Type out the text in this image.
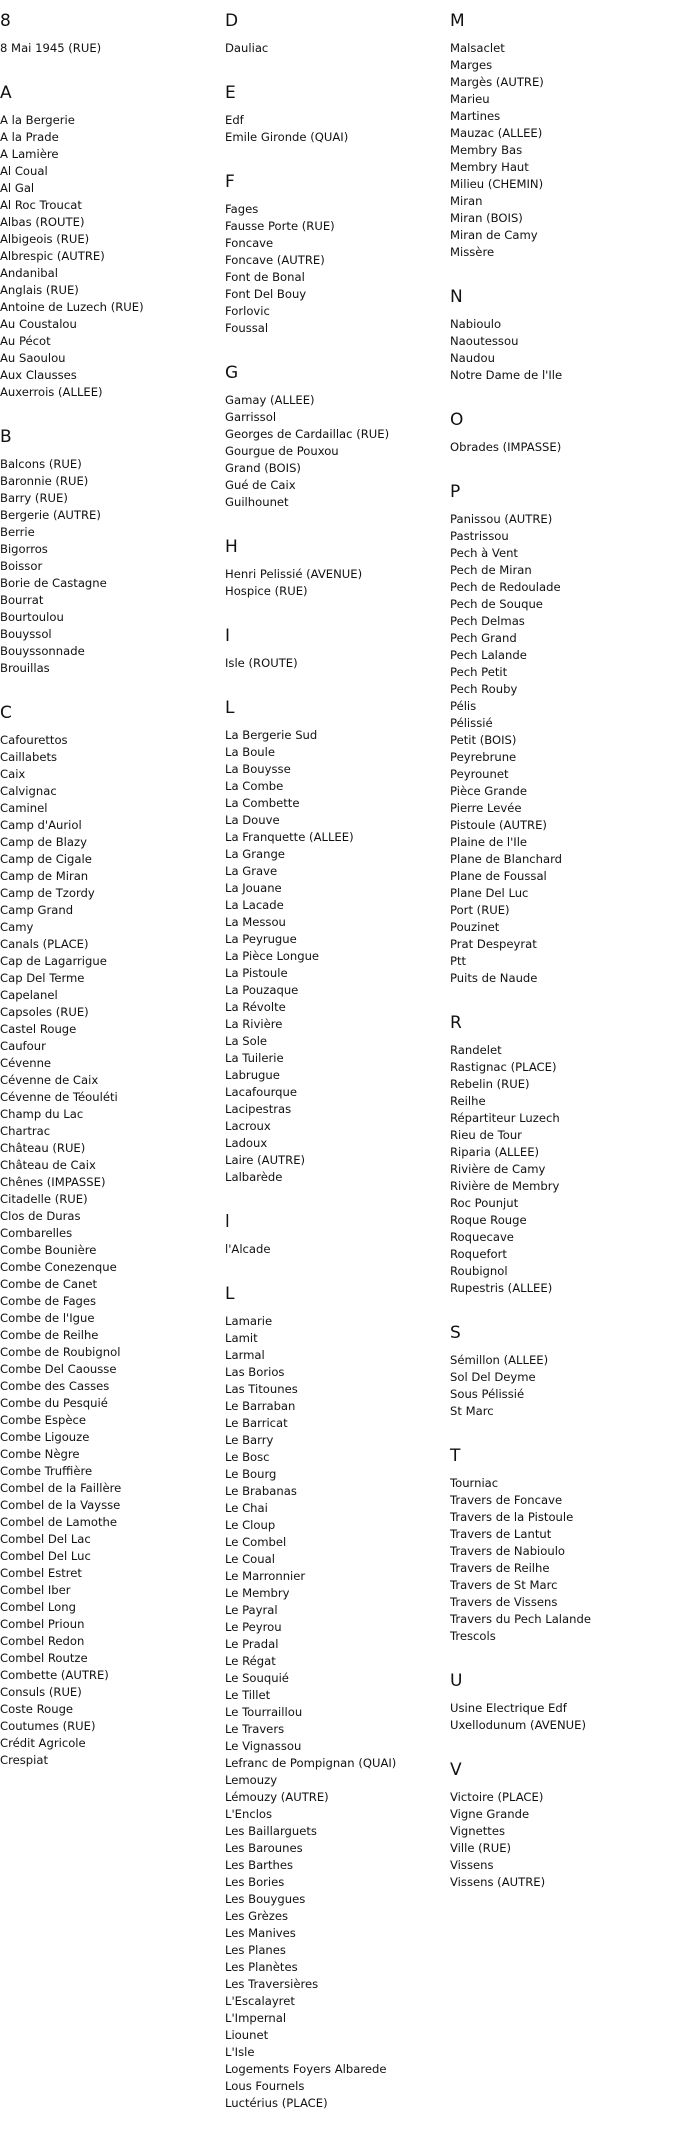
8
8 Mai 1945 (RUE)
A
A la Bergerie
A la Prade
A Lamière
Al Coual
Al Gal
Al Roc Troucat
Albas (ROUTE)
Albigeois (RUE)
Albrespic (AUTRE)
Andanibal
Anglais (RUE)
Antoine de Luzech (RUE)
Au Coustalou
Au Pécot
Au Saoulou
Aux Clausses
Auxerrois (ALLEE)
B
Balcons (RUE)
Baronnie (RUE)
Barry (RUE)
Bergerie (AUTRE)
Berrie
Bigorros
Boissor
Borie de Castagne
Bourrat
Bourtoulou
Bouyssol
Bouyssonnade
Brouillas
C
Cafourettos
Caillabets
Caix
Calvignac
Caminel
Camp d'Auriol
Camp de Blazy
Camp de Cigale
Camp de Miran
Camp de Tzordy
Camp Grand
Camy
Canals (PLACE)
Cap de Lagarrigue
Cap Del Terme
Capelanel
Capsoles (RUE)
Castel Rouge
Caufour
Cévenne
Cévenne de Caix
Cévenne de Téouléti
Champ du Lac
Chartrac
Château (RUE)
Château de Caix
Chênes (IMPASSE)
Citadelle (RUE)
Clos de Duras
Combarelles
Combe Bounière
Combe Conezenque
Combe de Canet
Combe de Fages
Combe de l'Igue
Combe de Reilhe
Combe de Roubignol
Combe Del Caousse
Combe des Casses
Combe du Pesquié
Combe Espèce
Combe Ligouze
Combe Nègre
Combe Truffière
Combel de la Faillère
Combel de la Vaysse
Combel de Lamothe
Combel Del Lac
Combel Del Luc
Combel Estret
Combel Iber
Combel Long
Combel Prioun
Combel Redon
Combel Routze
Combette (AUTRE)
Consuls (RUE)
Coste Rouge
Coutumes (RUE)
Crédit Agricole
Crespiat
D
Dauliac
E
Edf
Emile Gironde (QUAI)
F
Fages
Fausse Porte (RUE)
Foncave
Foncave (AUTRE)
Font de Bonal
Font Del Bouy
Forlovic
Foussal
G
Gamay (ALLEE)
Garrissol
Georges de Cardaillac (RUE)
Gourgue de Pouxou
Grand (BOIS)
Gué de Caix
Guilhounet
H
Henri Pelissié (AVENUE)
Hospice (RUE)
I
Isle (ROUTE)
L
La Bergerie Sud
La Boule
La Bouysse
La Combe
La Combette
La Douve
La Franquette (ALLEE)
La Grange
La Grave
La Jouane
La Lacade
La Messou
La Peyrugue
La Pièce Longue
La Pistoule
La Pouzaque
La Révolte
La Rivière
La Sole
La Tuilerie
Labrugue
Lacafourque
Lacipestras
Lacroux
Ladoux
Laire (AUTRE)
Lalbarède
l
l'Alcade
L
Lamarie
Lamit
Larmal
Las Borios
Las Titounes
Le Barraban
Le Barricat
Le Barry
Le Bosc
Le Bourg
Le Brabanas
Le Chai
Le Cloup
Le Combel
Le Coual
Le Marronnier
Le Membry
Le Payral
Le Peyrou
Le Pradal
Le Régat
Le Souquié
Le Tillet
Le Tourraillou
Le Travers
Le Vignassou
Lefranc de Pompignan (QUAI)
Lemouzy
Lémouzy (AUTRE)
L'Enclos
Les Baillarguets
Les Barounes
Les Barthes
Les Bories
Les Bouygues
Les Grèzes
Les Manives
Les Planes
Les Planètes
Les Traversières
L'Escalayret
L'Impernal
Liounet
L'Isle
Logements Foyers Albarede
Lous Fournels
Luctérius (PLACE)
M
Malsaclet
Marges
Margès (AUTRE)
Marieu
Martines
Mauzac (ALLEE)
Membry Bas
Membry Haut
Milieu (CHEMIN)
Miran
Miran (BOIS)
Miran de Camy
Missère
N
Nabioulo
Naoutessou
Naudou
Notre Dame de l'Ile
O
Obrades (IMPASSE)
P
Panissou (AUTRE)
Pastrissou
Pech à Vent
Pech de Miran
Pech de Redoulade
Pech de Souque
Pech Delmas
Pech Grand
Pech Lalande
Pech Petit
Pech Rouby
Pélis
Pélissié
Petit (BOIS)
Peyrebrune
Peyrounet
Pièce Grande
Pierre Levée
Pistoule (AUTRE)
Plaine de l'Ile
Plane de Blanchard
Plane de Foussal
Plane Del Luc
Port (RUE)
Pouzinet
Prat Despeyrat
Ptt
Puits de Naude
R
Randelet
Rastignac (PLACE)
Rebelin (RUE)
Reilhe
Répartiteur Luzech
Rieu de Tour
Riparia (ALLEE)
Rivière de Camy
Rivière de Membry
Roc Pounjut
Roque Rouge
Roquecave
Roquefort
Roubignol
Rupestris (ALLEE)
S
Sémillon (ALLEE)
Sol Del Deyme
Sous Pélissié
St Marc
T
Tourniac
Travers de Foncave
Travers de la Pistoule
Travers de Lantut
Travers de Nabioulo
Travers de Reilhe
Travers de St Marc
Travers de Vissens
Travers du Pech Lalande
Trescols
U
Usine Electrique Edf
Uxellodunum (AVENUE)
V
Victoire (PLACE)
Vigne Grande
Vignettes
Ville (RUE)
Vissens
Vissens (AUTRE)
